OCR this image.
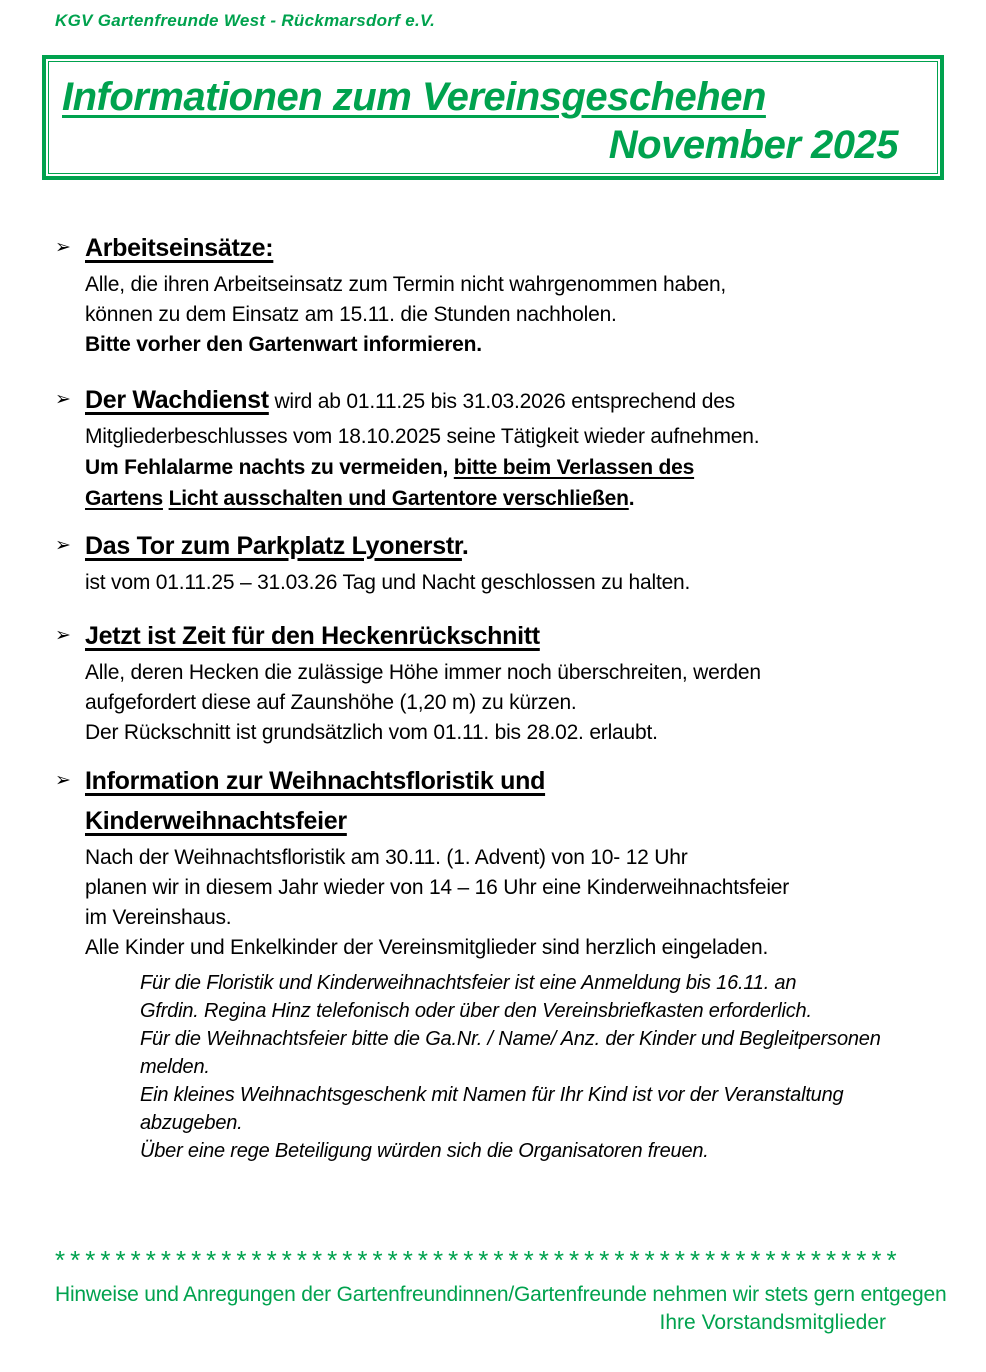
KGV Gartenfreunde West - Rückmarsdorf e.V.
Informationen zum Vereinsgeschehen
November 2025
➢ Arbeitseinsätze:
Alle, die ihren Arbeitseinsatz zum Termin nicht wahrgenommen haben,
können zu dem Einsatz am 15.11. die Stunden nachholen.
Bitte vorher den Gartenwart informieren.
➢ Der Wachdienst wird ab 01.11.25 bis 31.03.2026 entsprechend des
Mitgliederbeschlusses vom 18.10.2025 seine Tätigkeit wieder aufnehmen.
Um Fehlalarme nachts zu vermeiden, bitte beim Verlassen des
Gartens Licht ausschalten und Gartentore verschließen.
➢ Das Tor zum Parkplatz Lyonerstr.
ist vom 01.11.25 – 31.03.26 Tag und Nacht geschlossen zu halten.
➢ Jetzt ist Zeit für den Heckenrückschnitt
Alle, deren Hecken die zulässige Höhe immer noch überschreiten, werden
aufgefordert diese auf Zaunshöhe (1,20 m) zu kürzen.
Der Rückschnitt ist grundsätzlich vom 01.11. bis 28.02. erlaubt.
➢ Information zur Weihnachtsfloristik und
Kinderweihnachtsfeier
Nach der Weihnachtsfloristik am 30.11. (1. Advent) von 10- 12 Uhr
planen wir in diesem Jahr wieder von 14 – 16 Uhr eine Kinderweihnachtsfeier
im Vereinshaus.
Alle Kinder und Enkelkinder der Vereinsmitglieder sind herzlich eingeladen.
Für die Floristik und Kinderweihnachtsfeier ist eine Anmeldung bis 16.11. an
Gfrdin. Regina Hinz telefonisch oder über den Vereinsbriefkasten erforderlich.
Für die Weihnachtsfeier bitte die Ga.Nr. / Name/ Anz. der Kinder und Begleitpersonen
melden.
Ein kleines Weihnachtsgeschenk mit Namen für Ihr Kind ist vor der Veranstaltung
abzugeben.
Über eine rege Beteiligung würden sich die Organisatoren freuen.
********************************************************
Hinweise und Anregungen der Gartenfreundinnen/Gartenfreunde nehmen wir stets gern entgegen
Ihre Vorstandsmitglieder
